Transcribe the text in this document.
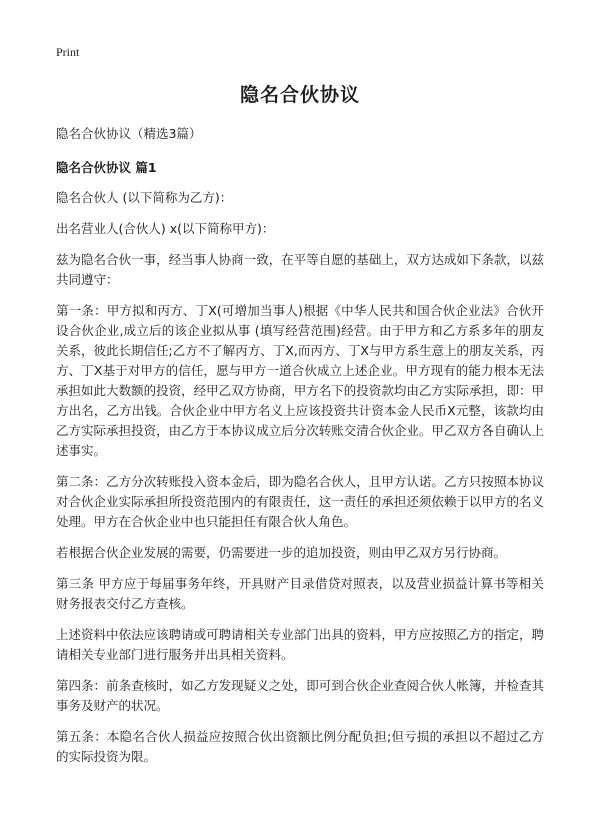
Print
隐名合伙协议
隐名合伙协议（精选3篇）
隐名合伙协议 篇1

隐名合伙人 (以下简称为乙方)：

出名营业人(合伙人) x(以下简称甲方)：

兹为隐名合伙一事，经当事人协商一致，在平等自愿的基础上，双方达成如下条款，以兹共同遵守：

第一条：甲方拟和丙方、丁X(可增加当事人)根据《中华人民共和国合伙企业法》合伙开设合伙企业,成立后的该企业拟从事 (填写经营范围)经营。由于甲方和乙方系多年的朋友关系，彼此长期信任;乙方不了解丙方、丁X,而丙方、丁X与甲方系生意上的朋友关系，丙方、丁X基于对甲方的信任，愿与甲方一道合伙成立上述企业。甲方现有的能力根本无法承担如此大数额的投资，经甲乙双方协商，甲方名下的投资款均由乙方实际承担，即：甲方出名，乙方出钱。合伙企业中甲方名义上应该投资共计资本金人民币X元整，该款均由乙方实际承担投资，由乙方于本协议成立后分次转账交清合伙企业。甲乙双方各自确认上述事实。

第二条：乙方分次转账投入资本金后，即为隐名合伙人，且甲方认诺。乙方只按照本协议对合伙企业实际承担所投资范围内的有限责任，这一责任的承担还须依赖于以甲方的名义处理。甲方在合伙企业中也只能担任有限合伙人角色。

若根据合伙企业发展的需要，仍需要进一步的追加投资，则由甲乙双方另行协商。

第三条 甲方应于每届事务年终，开具财产目录借贷对照表，以及营业损益计算书等相关财务报表交付乙方查核。

上述资料中依法应该聘请或可聘请相关专业部门出具的资料，甲方应按照乙方的指定，聘请相关专业部门进行服务并出具相关资料。

第四条：前条查核时，如乙方发现疑义之处，即可到合伙企业查阅合伙人帐簿，并检查其事务及财产的状况。

第五条：本隐名合伙人损益应按照合伙出资额比例分配负担;但亏损的承担以不超过乙方的实际投资为限。
